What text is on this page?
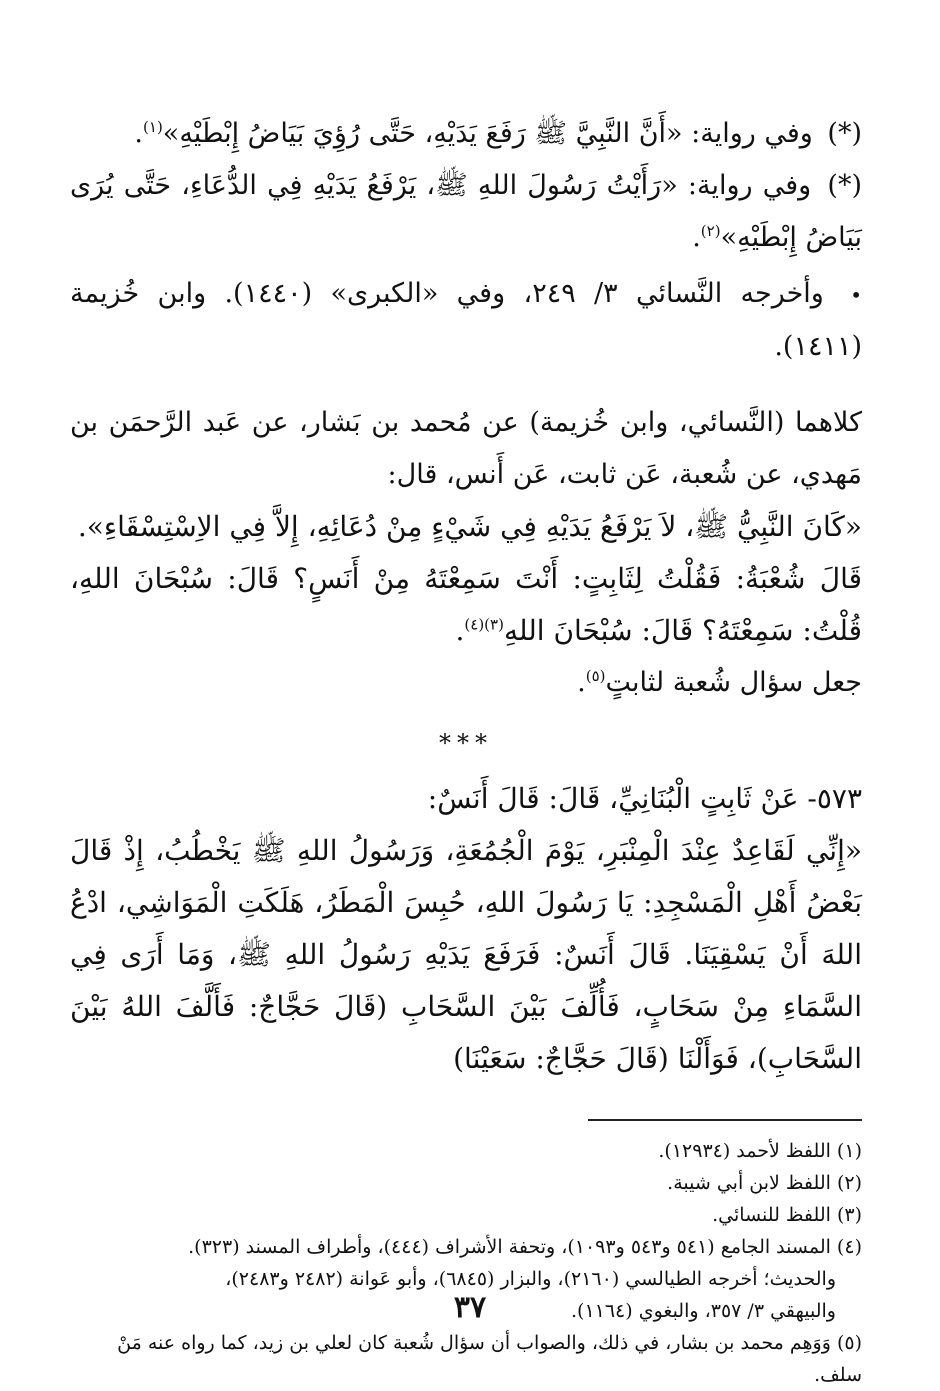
(*) وفي رواية: «أَنَّ النَّبِيَّ ﷺ رَفَعَ يَدَيْهِ، حَتَّى رُؤِيَ بَيَاضُ إِبْطَيْهِ»$^{(١)}$.

(*) وفي رواية: «رَأَيْتُ رَسُولَ اللهِ ﷺ، يَرْفَعُ يَدَيْهِ فِي الدُّعَاءِ، حَتَّى يُرَى بَيَاضُ إِبْطَيْهِ»$^{(٢)}$.

• وأخرجه النَّسائي ٣/ ٢٤٩، وفي «الكبرى» (١٤٤٠). وابن خُزيمة (١٤١١).

كلاهما (النَّسائي، وابن خُزيمة) عن مُحمد بن بَشار، عن عَبد الرَّحمَن بن مَهدي، عن شُعبة، عَن ثابت، عَن أَنس، قال:

«كَانَ النَّبِيُّ ﷺ، لاَ يَرْفَعُ يَدَيْهِ فِي شَيْءٍ مِنْ دُعَائِهِ، إِلاَّ فِي الاِسْتِسْقَاءِ».

قَالَ شُعْبَةُ: فَقُلْتُ لِثَابِتٍ: أَنْتَ سَمِعْتَهُ مِنْ أَنَسٍ؟ قَالَ: سُبْحَانَ اللهِ، قُلْتُ: سَمِعْتَهُ؟ قَالَ: سُبْحَانَ اللهِ$^{(٣)(٤)}$.

جعل سؤال شُعبة لثابتٍ$^{(٥)}$.

***

٥٧٣- عَنْ ثَابِتٍ الْبُنَانِيِّ، قَالَ: قَالَ أَنَسٌ:

«إِنِّي لَقَاعِدٌ عِنْدَ الْمِنْبَرِ، يَوْمَ الْجُمُعَةِ، وَرَسُولُ اللهِ ﷺ يَخْطُبُ، إِذْ قَالَ بَعْضُ أَهْلِ الْمَسْجِدِ: يَا رَسُولَ اللهِ، حُبِسَ الْمَطَرُ، هَلَكَتِ الْمَوَاشِي، ادْعُ اللهَ أَنْ يَسْقِيَنَا. قَالَ أَنَسٌ: فَرَفَعَ يَدَيْهِ رَسُولُ اللهِ ﷺ، وَمَا أَرَى فِي السَّمَاءِ مِنْ سَحَابٍ، فَأُلِّفَ بَيْنَ السَّحَابِ (قَالَ حَجَّاجٌ: فَأَلَّفَ اللهُ بَيْنَ السَّحَابِ)، فَوَأَلْنَا (قَالَ حَجَّاجٌ: سَعَيْنَا)

(١) اللفظ لأحمد (١٢٩٣٤).

(٢) اللفظ لابن أبي شيبة.

(٣) اللفظ للنسائي.

(٤) المسند الجامع (٥٤١ و٥٤٣ و١٠٩٣)، وتحفة الأشراف (٤٤٤)، وأطراف المسند (٣٢٣).

والحديث؛ أخرجه الطيالسي (٢١٦٠)، والبزار (٦٨٤٥)، وأبو عَوانة (٢٤٨٢ و٢٤٨٣)،

والبيهقي ٣/ ٣٥٧، والبغوي (١١٦٤).

(٥) وَوَهِم محمد بن بشار، في ذلك، والصواب أن سؤال شُعبة كان لعلي بن زيد، كما رواه عنه مَنْ سلف.

٣٧
